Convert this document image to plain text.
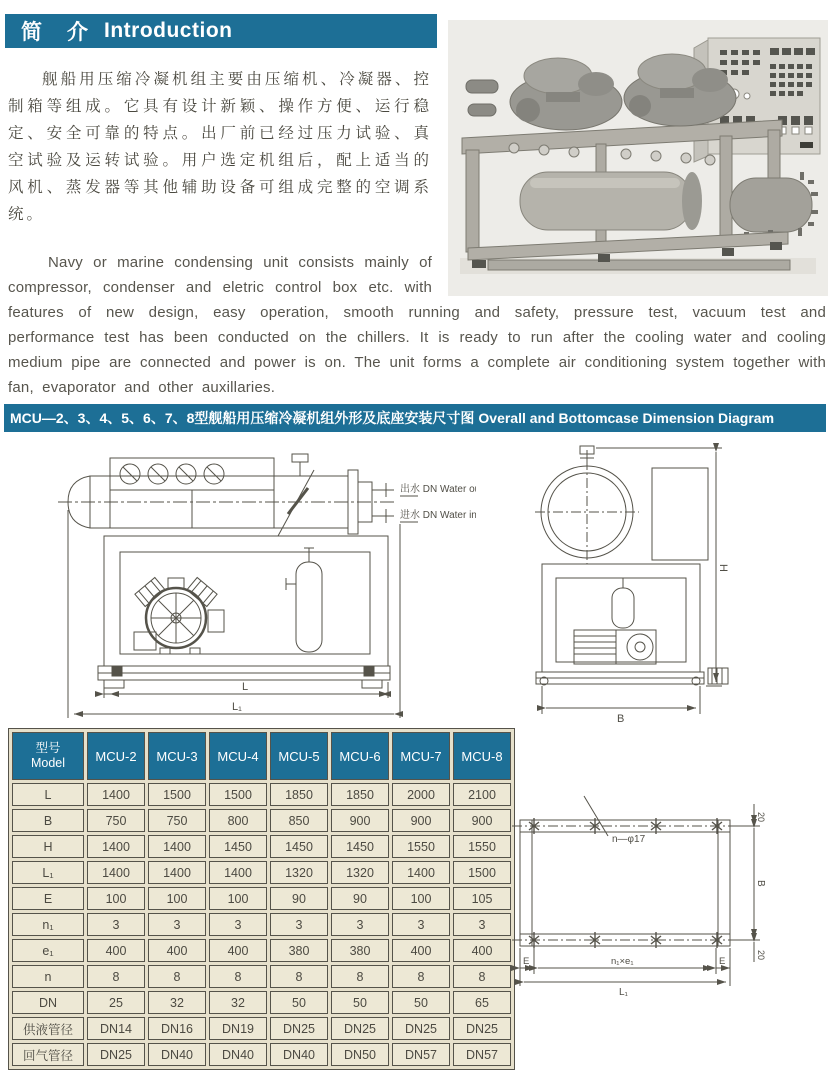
简　介 Introduction

舰船用压缩冷凝机组主要由压缩机、冷凝器、控制箱等组成。它具有设计新颖、操作方便、运行稳定、安全可靠的特点。出厂前已经过压力试验、真空试验及运转试验。用户选定机组后，配上适当的风机、蒸发器等其他辅助设备可组成完整的空调系统。

Navy or marine condensing unit consists mainly of compressor, condenser and eletric control box etc. with features of new design, easy operation, smooth running and safety, pressure test, vacuum test and performance test has been conducted on the chillers. It is ready to run after the cooling water and cooling medium pipe are connected and power is on. The unit forms a complete air conditioning system together with fan, evaporator and other auxillaries.

MCU—2、3、4、5、6、7、8型舰船用压缩冷凝机组外形及底座安装尺寸图 Overall and Bottomcase Dimension Diagram
出水 DN Water out
进水 DN Water in
L
L₁
H
B
型号
Model	MCU-2	MCU-3	MCU-4	MCU-5	MCU-6	MCU-7	MCU-8
L	1400	1500	1500	1850	1850	2000	2100
B	750	750	800	850	900	900	900
H	1400	1400	1450	1450	1450	1550	1550
L₁	1400	1400	1400	1320	1320	1400	1500
E	100	100	100	90	90	100	105
n₁	3	3	3	3	3	3	3
e₁	400	400	400	380	380	400	400
n	8	8	8	8	8	8	8
DN	25	32	32	50	50	50	65
供液管径	DN14	DN16	DN19	DN25	DN25	DN25	DN25
回气管径	DN25	DN40	DN40	DN40	DN50	DN57	DN57
n—φ17
E	n₁×e₁	E
L₁
20
B
20
